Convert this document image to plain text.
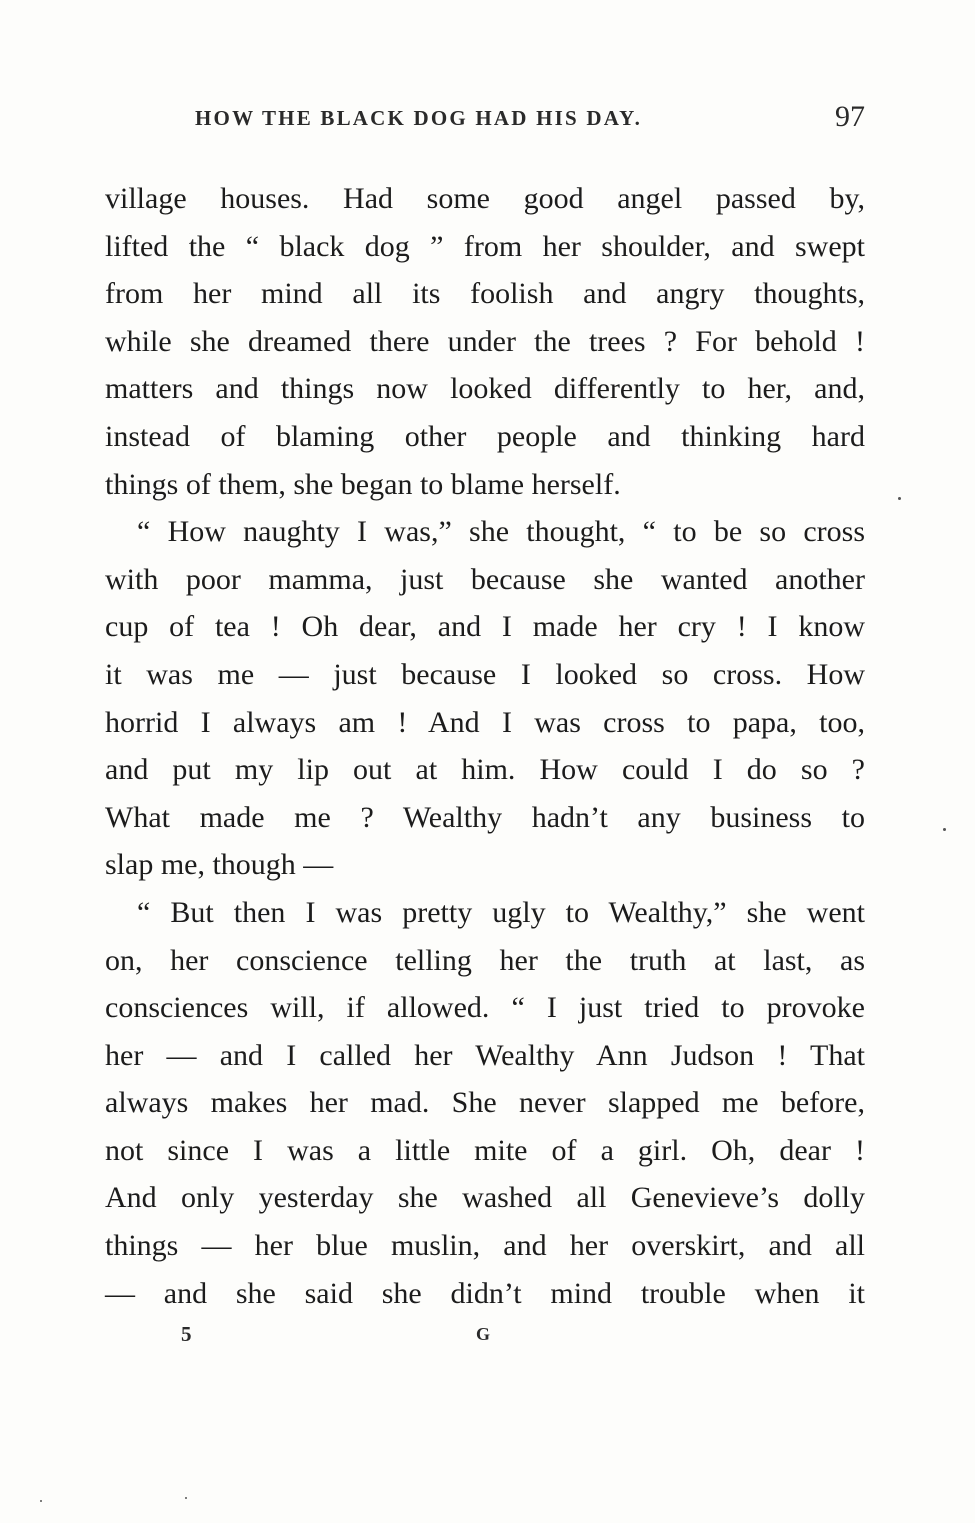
HOW THE BLACK DOG HAD HIS DAY.	97
village houses. Had some good angel passed by,
lifted the “ black dog ” from her shoulder, and swept
from her mind all its foolish and angry thoughts,
while she dreamed there under the trees ? For behold !
matters and things now looked differently to her, and,
instead of blaming other people and thinking hard
things of them, she began to blame herself.
“ How naughty I was,” she thought, “ to be so cross
with poor mamma, just because she wanted another
cup of tea ! Oh dear, and I made her cry ! I know
it was me — just because I looked so cross. How
horrid I always am ! And I was cross to papa, too,
and put my lip out at him. How could I do so ?
What made me ? Wealthy hadn’t any business to
slap me, though —
“ But then I was pretty ugly to Wealthy,” she went
on, her conscience telling her the truth at last, as
consciences will, if allowed. “ I just tried to provoke
her — and I called her Wealthy Ann Judson ! That
always makes her mad. She never slapped me before,
not since I was a little mite of a girl. Oh, dear !
And only yesterday she washed all Genevieve’s dolly
things — her blue muslin, and her overskirt, and all
— and she said she didn’t mind trouble when it
5	G
